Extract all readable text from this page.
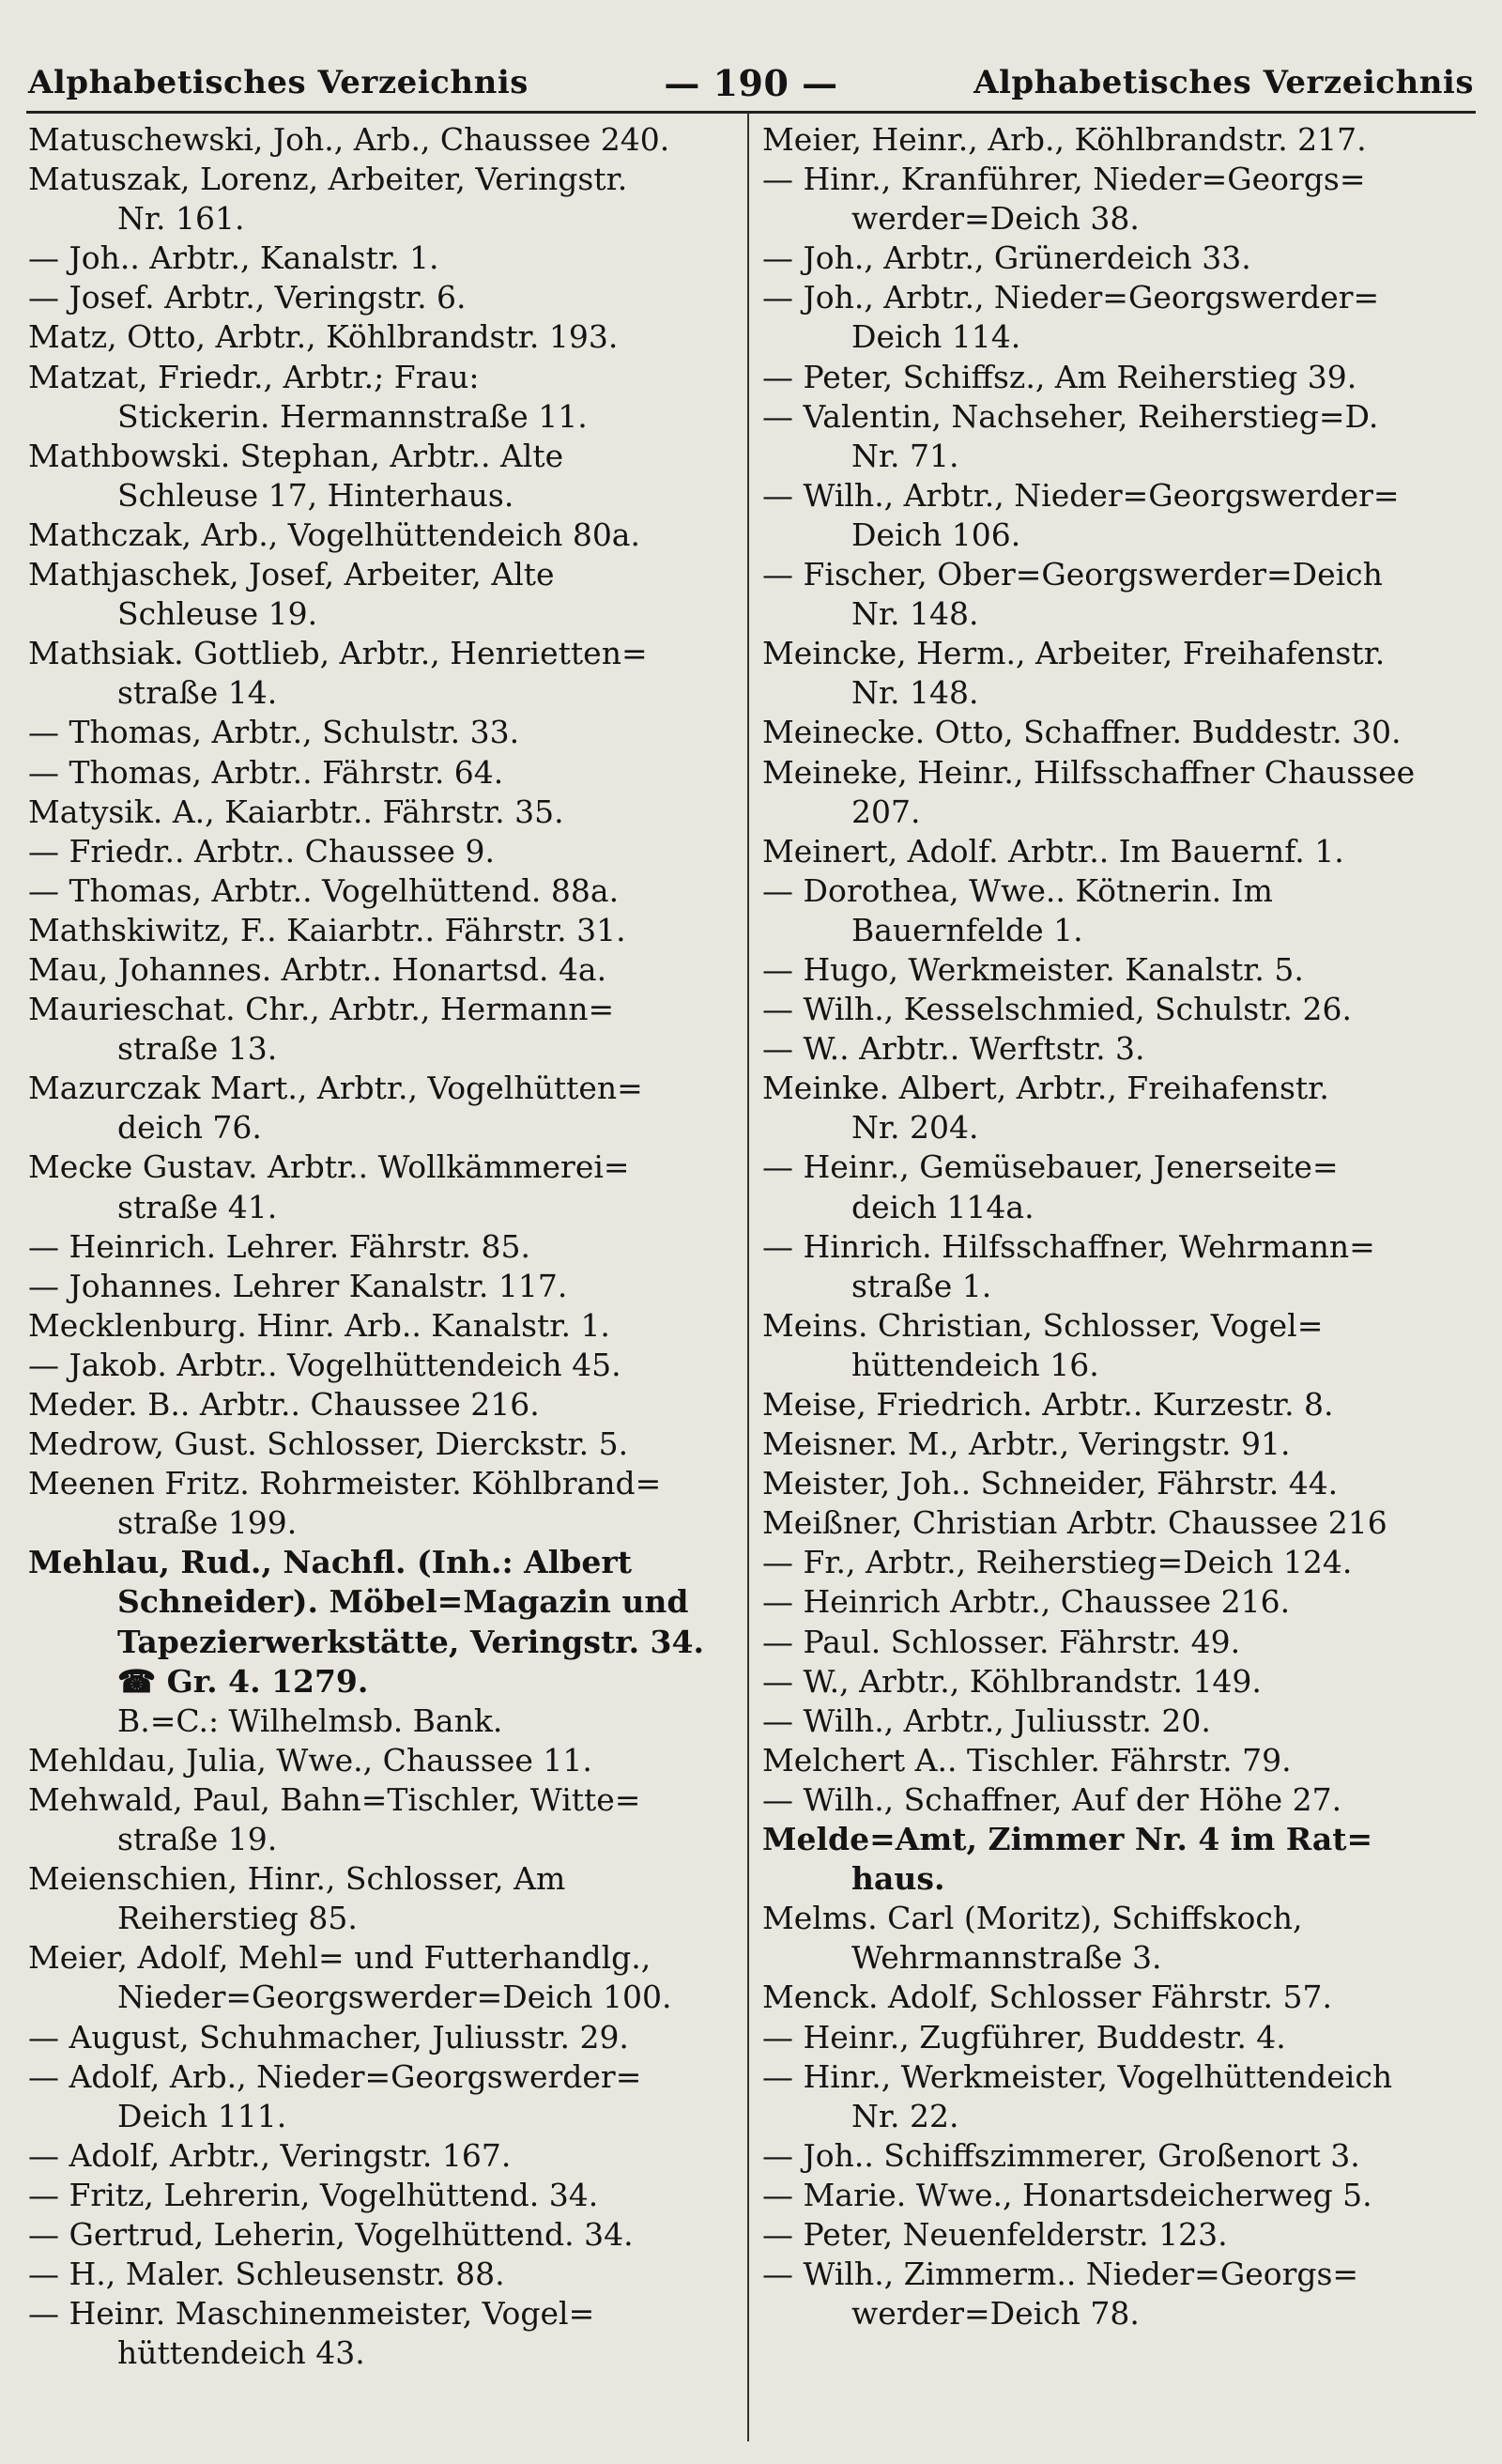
Alphabetisches Verzeichnis	— 190 —	Alphabetisches Verzeichnis
Matuschewski, Joh., Arb., Chaussee 240.
Matuszak, Lorenz, Arbeiter, Veringstr.
Nr. 161.
— Joh.. Arbtr., Kanalstr. 1.
— Josef. Arbtr., Veringstr. 6.
Matz, Otto, Arbtr., Köhlbrandstr. 193.
Matzat, Friedr., Arbtr.; Frau:
Stickerin. Hermannstraße 11.
Mathbowski. Stephan, Arbtr.. Alte
Schleuse 17, Hinterhaus.
Mathczak, Arb., Vogelhüttendeich 80a.
Mathjaschek, Josef, Arbeiter, Alte
Schleuse 19.
Mathsiak. Gottlieb, Arbtr., Henrietten=
straße 14.
— Thomas, Arbtr., Schulstr. 33.
— Thomas, Arbtr.. Fährstr. 64.
Matysik. A., Kaiarbtr.. Fährstr. 35.
— Friedr.. Arbtr.. Chaussee 9.
— Thomas, Arbtr.. Vogelhüttend. 88a.
Mathskiwitz, F.. Kaiarbtr.. Fährstr. 31.
Mau, Johannes. Arbtr.. Honartsd. 4a.
Maurieschat. Chr., Arbtr., Hermann=
straße 13.
Mazurczak Mart., Arbtr., Vogelhütten=
deich 76.
Mecke Gustav. Arbtr.. Wollkämmerei=
straße 41.
— Heinrich. Lehrer. Fährstr. 85.
— Johannes. Lehrer Kanalstr. 117.
Mecklenburg. Hinr. Arb.. Kanalstr. 1.
— Jakob. Arbtr.. Vogelhüttendeich 45.
Meder. B.. Arbtr.. Chaussee 216.
Medrow, Gust. Schlosser, Dierckstr. 5.
Meenen Fritz. Rohrmeister. Köhlbrand=
straße 199.
Mehlau, Rud., Nachfl. (Inh.: Albert
Schneider). Möbel=Magazin und
Tapezierwerkstätte, Veringstr. 34.
☎ Gr. 4. 1279.
B.=C.: Wilhelmsb. Bank.
Mehldau, Julia, Wwe., Chaussee 11.
Mehwald, Paul, Bahn=Tischler, Witte=
straße 19.
Meienschien, Hinr., Schlosser, Am
Reiherstieg 85.
Meier, Adolf, Mehl= und Futterhandlg.,
Nieder=Georgswerder=Deich 100.
— August, Schuhmacher, Juliusstr. 29.
— Adolf, Arb., Nieder=Georgswerder=
Deich 111.
— Adolf, Arbtr., Veringstr. 167.
— Fritz, Lehrerin, Vogelhüttend. 34.
— Gertrud, Leherin, Vogelhüttend. 34.
— H., Maler. Schleusenstr. 88.
— Heinr. Maschinenmeister, Vogel=
hüttendeich 43.
Meier, Heinr., Arb., Köhlbrandstr. 217.
— Hinr., Kranführer, Nieder=Georgs=
werder=Deich 38.
— Joh., Arbtr., Grünerdeich 33.
— Joh., Arbtr., Nieder=Georgswerder=
Deich 114.
— Peter, Schiffsz., Am Reiherstieg 39.
— Valentin, Nachseher, Reiherstieg=D.
Nr. 71.
— Wilh., Arbtr., Nieder=Georgswerder=
Deich 106.
— Fischer, Ober=Georgswerder=Deich
Nr. 148.
Meincke, Herm., Arbeiter, Freihafenstr.
Nr. 148.
Meinecke. Otto, Schaffner. Buddestr. 30.
Meineke, Heinr., Hilfsschaffner Chaussee
207.
Meinert, Adolf. Arbtr.. Im Bauernf. 1.
— Dorothea, Wwe.. Kötnerin. Im
Bauernfelde 1.
— Hugo, Werkmeister. Kanalstr. 5.
— Wilh., Kesselschmied, Schulstr. 26.
— W.. Arbtr.. Werftstr. 3.
Meinke. Albert, Arbtr., Freihafenstr.
Nr. 204.
— Heinr., Gemüsebauer, Jenerseite=
deich 114a.
— Hinrich. Hilfsschaffner, Wehrmann=
straße 1.
Meins. Christian, Schlosser, Vogel=
hüttendeich 16.
Meise, Friedrich. Arbtr.. Kurzestr. 8.
Meisner. M., Arbtr., Veringstr. 91.
Meister, Joh.. Schneider, Fährstr. 44.
Meißner, Christian Arbtr. Chaussee 216
— Fr., Arbtr., Reiherstieg=Deich 124.
— Heinrich Arbtr., Chaussee 216.
— Paul. Schlosser. Fährstr. 49.
— W., Arbtr., Köhlbrandstr. 149.
— Wilh., Arbtr., Juliusstr. 20.
Melchert A.. Tischler. Fährstr. 79.
— Wilh., Schaffner, Auf der Höhe 27.
Melde=Amt, Zimmer Nr. 4 im Rat=
haus.
Melms. Carl (Moritz), Schiffskoch,
Wehrmannstraße 3.
Menck. Adolf, Schlosser Fährstr. 57.
— Heinr., Zugführer, Buddestr. 4.
— Hinr., Werkmeister, Vogelhüttendeich
Nr. 22.
— Joh.. Schiffszimmerer, Großenort 3.
— Marie. Wwe., Honartsdeicherweg 5.
— Peter, Neuenfelderstr. 123.
— Wilh., Zimmerm.. Nieder=Georgs=
werder=Deich 78.
